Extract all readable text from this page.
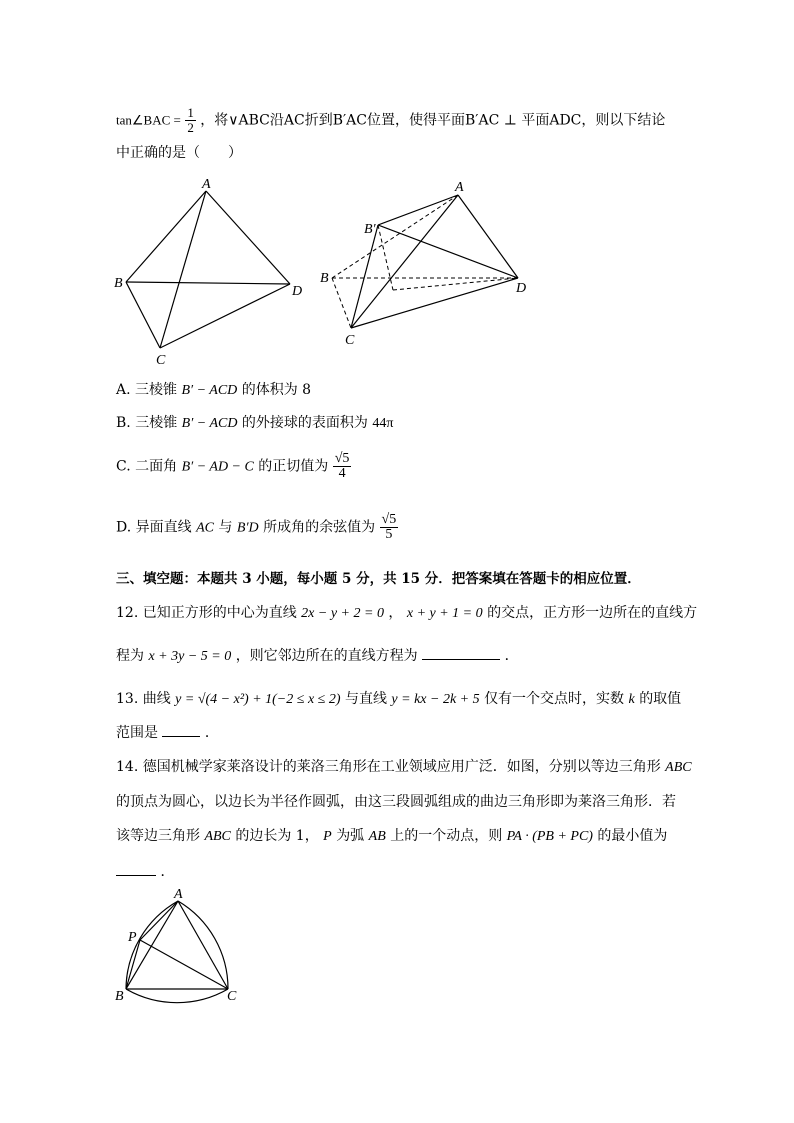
tan∠BAC = $\frac{1}{2}$ ，将∨ABC沿AC折到B′AC位置，使得平面B′AC ⊥ 平面ADC，则以下结论
中正确的是（　　）
A
B
C
D
A
B′
B
C
D
A. 三棱锥 B′ − ACD 的体积为 8
B. 三棱锥 B′ − ACD 的外接球的表面积为 44π
C. 二面角 B′ − AD − C 的正切值为 $\frac{√5}{4}$
D. 异面直线 AC 与 B′D 所成角的余弦值为 $\frac{√5}{5}$
三、填空题：本题共 3 小题，每小题 5 分，共 15 分．把答案填在答题卡的相应位置．
12. 已知正方形的中心为直线 2x − y + 2 = 0 ， x + y + 1 = 0 的交点，正方形一边所在的直线方
程为 x + 3y − 5 = 0 ，则它邻边所在的直线方程为	．
13. 曲线 y = √(4 − x²) + 1(−2 ≤ x ≤ 2) 与直线 y = kx − 2k + 5 仅有一个交点时，实数 k 的取值
范围是	．
14. 德国机械学家莱洛设计的莱洛三角形在工业领域应用广泛．如图，分别以等边三角形 ABC
的顶点为圆心，以边长为半径作圆弧，由这三段圆弧组成的曲边三角形即为莱洛三角形．若
该等边三角形 ABC 的边长为 1， P 为弧 AB 上的一个动点，则 PA · (PB + PC) 的最小值为
．
A
P
B	C
